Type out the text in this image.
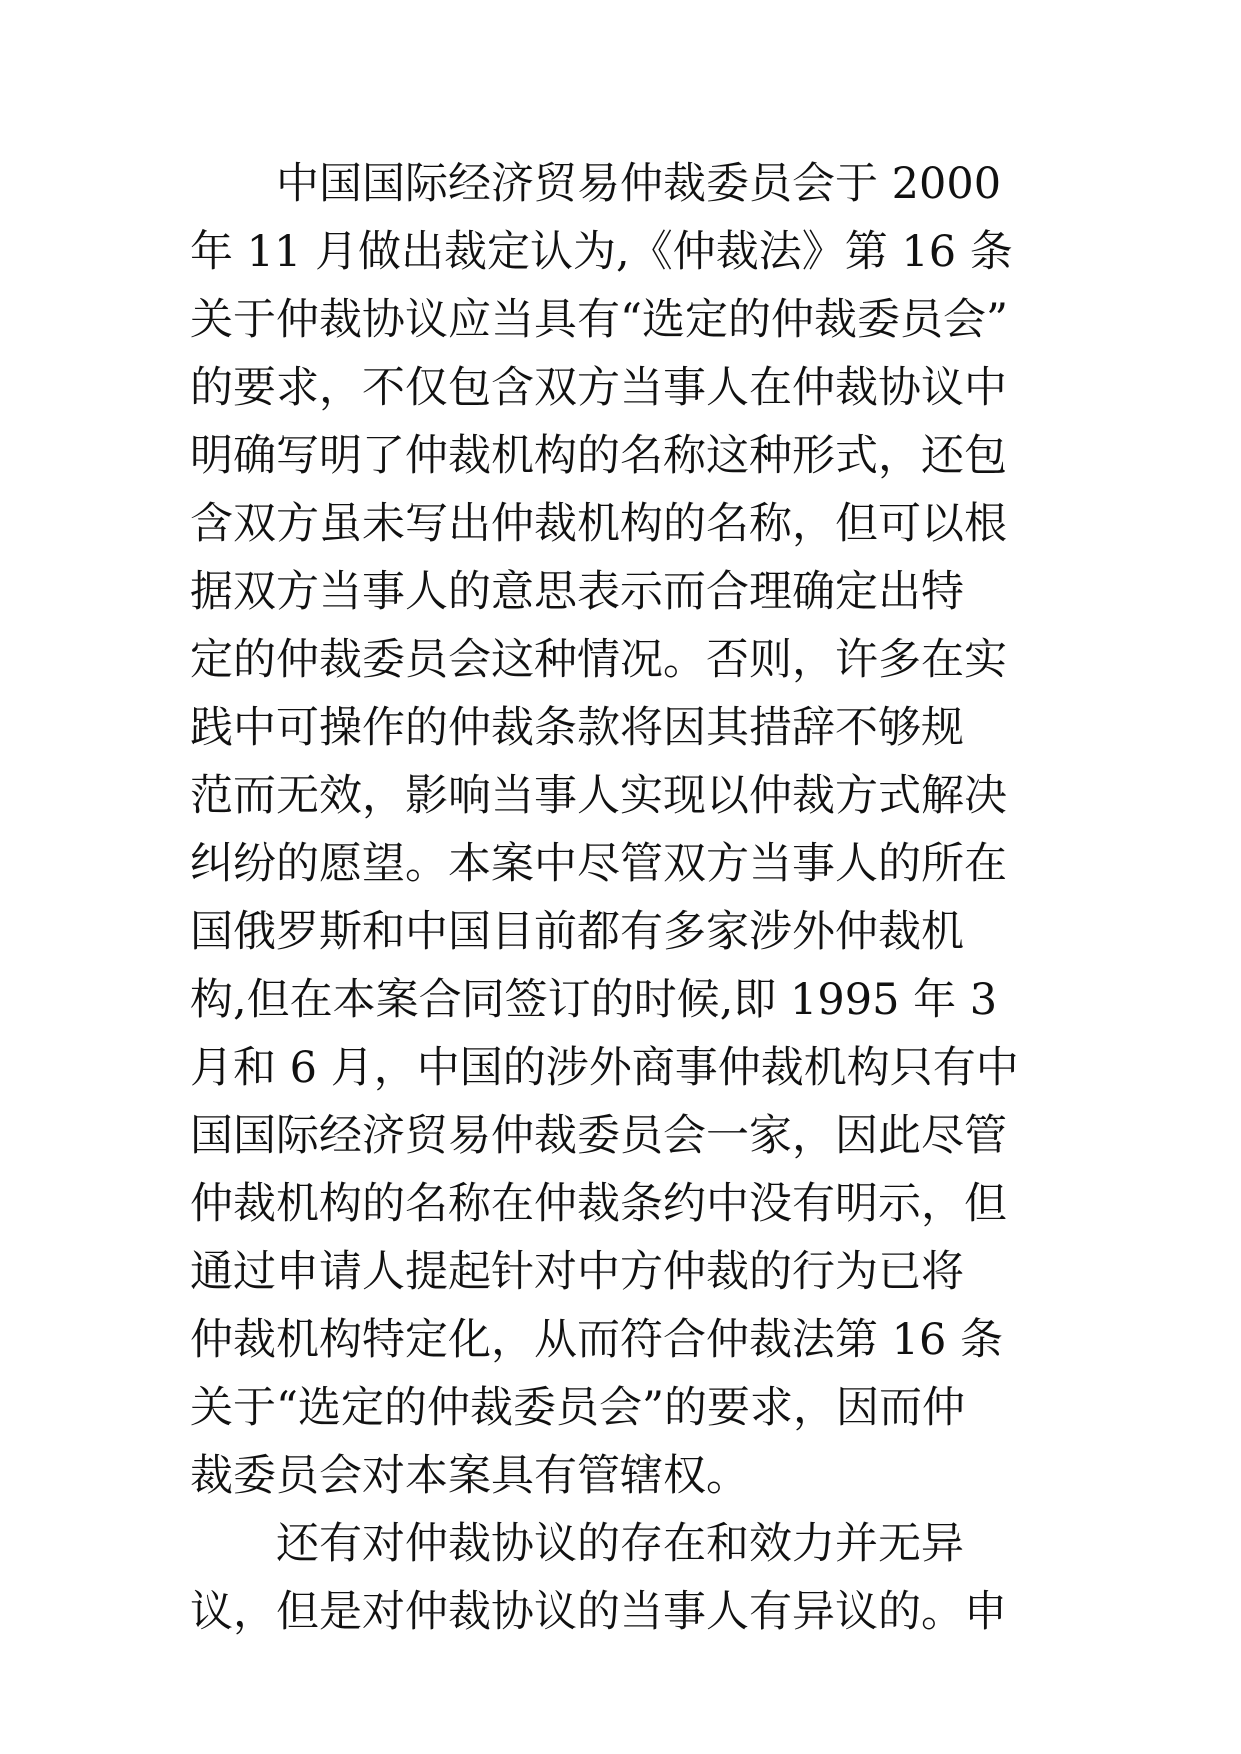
中国国际经济贸易仲裁委员会于 2000
年 11 月做出裁定认为,《仲裁法》第 16 条
关于仲裁协议应当具有“选定的仲裁委员会”
的要求，不仅包含双方当事人在仲裁协议中
明确写明了仲裁机构的名称这种形式，还包
含双方虽未写出仲裁机构的名称，但可以根
据双方当事人的意思表示而合理确定出特
定的仲裁委员会这种情况。否则，许多在实
践中可操作的仲裁条款将因其措辞不够规
范而无效，影响当事人实现以仲裁方式解决
纠纷的愿望。本案中尽管双方当事人的所在
国俄罗斯和中国目前都有多家涉外仲裁机
构,但在本案合同签订的时候,即 1995 年 3
月和 6 月，中国的涉外商事仲裁机构只有中
国国际经济贸易仲裁委员会一家，因此尽管
仲裁机构的名称在仲裁条约中没有明示，但
通过申请人提起针对中方仲裁的行为已将
仲裁机构特定化，从而符合仲裁法第 16 条
关于“选定的仲裁委员会”的要求，因而仲
裁委员会对本案具有管辖权。
还有对仲裁协议的存在和效力并无异
议，但是对仲裁协议的当事人有异议的。申
